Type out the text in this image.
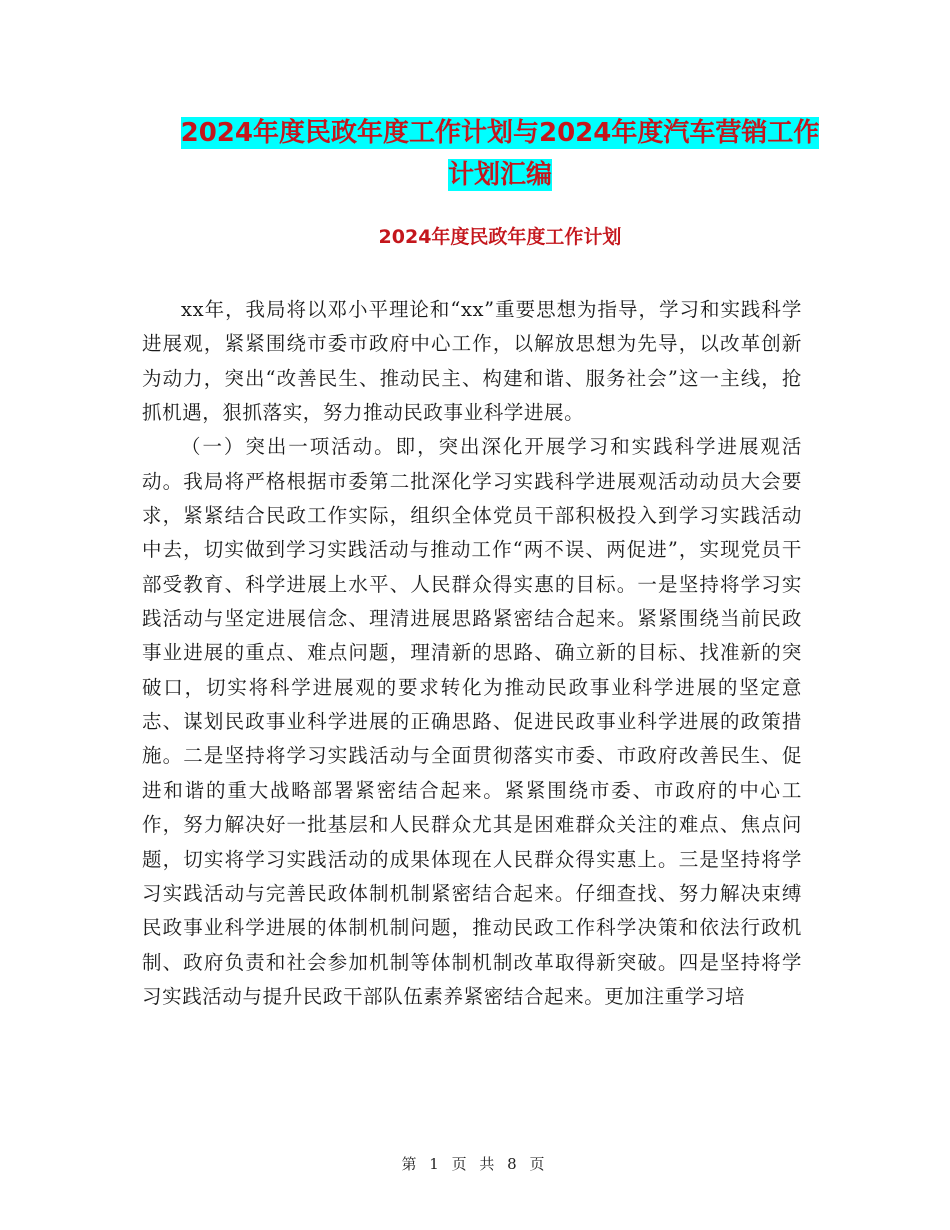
2024年度民政年度工作计划与2024年度汽车营销工作
计划汇编
2024年度民政年度工作计划

xx年，我局将以邓小平理论和“xx”重要思想为指导，学习和实践科学进展观，紧紧围绕市委市政府中心工作，以解放思想为先导，以改革创新为动力，突出“改善民生、推动民主、构建和谐、服务社会”这一主线，抢抓机遇，狠抓落实，努力推动民政事业科学进展。

（一）突出一项活动。即，突出深化开展学习和实践科学进展观活动。我局将严格根据市委第二批深化学习实践科学进展观活动动员大会要求，紧紧结合民政工作实际，组织全体党员干部积极投入到学习实践活动中去，切实做到学习实践活动与推动工作“两不误、两促进”，实现党员干部受教育、科学进展上水平、人民群众得实惠的目标。一是坚持将学习实践活动与坚定进展信念、理清进展思路紧密结合起来。紧紧围绕当前民政事业进展的重点、难点问题，理清新的思路、确立新的目标、找准新的突破口，切实将科学进展观的要求转化为推动民政事业科学进展的坚定意志、谋划民政事业科学进展的正确思路、促进民政事业科学进展的政策措施。二是坚持将学习实践活动与全面贯彻落实市委、市政府改善民生、促进和谐的重大战略部署紧密结合起来。紧紧围绕市委、市政府的中心工作，努力解决好一批基层和人民群众尤其是困难群众关注的难点、焦点问题，切实将学习实践活动的成果体现在人民群众得实惠上。三是坚持将学习实践活动与完善民政体制机制紧密结合起来。仔细查找、努力解决束缚民政事业科学进展的体制机制问题，推动民政工作科学决策和依法行政机制、政府负责和社会参加机制等体制机制改革取得新突破。四是坚持将学习实践活动与提升民政干部队伍素养紧密结合起来。更加注重学习培

第 1 页 共 8 页
